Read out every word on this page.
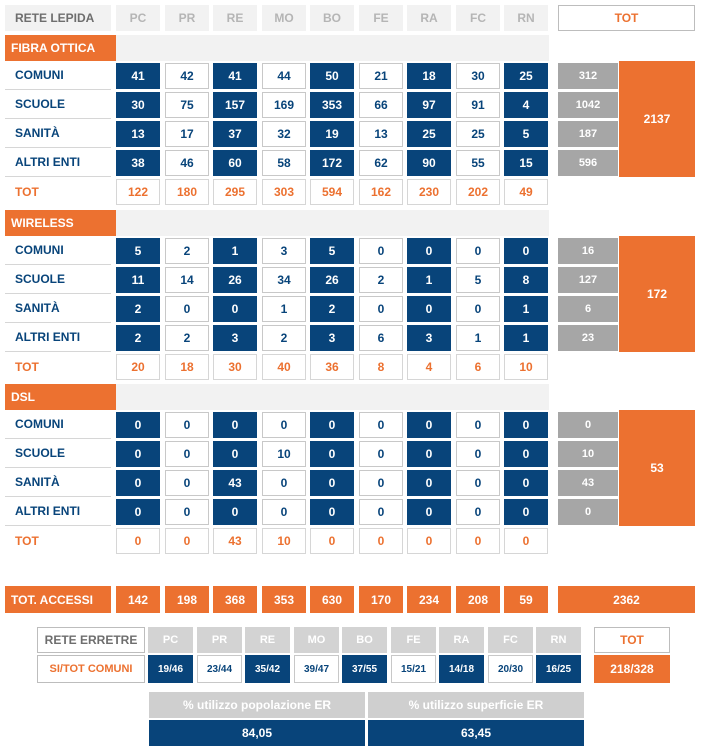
RETE LEPIDA	PC	PR	RE	MO	BO	FE	RA	FC	RN	TOT
FIBRA OTTICA
COMUNI	41	42	41	44	50	21	18	30	25	312
SCUOLE	30	75	157	169	353	66	97	91	4	1042
SANITÀ	13	17	37	32	19	13	25	25	5	187
ALTRI ENTI	38	46	60	58	172	62	90	55	15	596
2137
TOT	122	180	295	303	594	162	230	202	49
WIRELESS
COMUNI	5	2	1	3	5	0	0	0	0	16
SCUOLE	11	14	26	34	26	2	1	5	8	127
SANITÀ	2	0	0	1	2	0	0	0	1	6
ALTRI ENTI	2	2	3	2	3	6	3	1	1	23
172
TOT	20	18	30	40	36	8	4	6	10
DSL
COMUNI	0	0	0	0	0	0	0	0	0	0
SCUOLE	0	0	0	10	0	0	0	0	0	10
SANITÀ	0	0	43	0	0	0	0	0	0	43
ALTRI ENTI	0	0	0	0	0	0	0	0	0	0
53
TOT	0	0	43	10	0	0	0	0	0
TOT. ACCESSI	142	198	368	353	630	170	234	208	59	2362
RETE ERRETRE	PC	PR	RE	MO	BO	FE	RA	FC	RN	TOT
SI/TOT COMUNI	19/46	23/44	35/42	39/47	37/55	15/21	14/18	20/30	16/25	218/328
% utilizzo popolazione ER	% utilizzo superficie ER
84,05	63,45
